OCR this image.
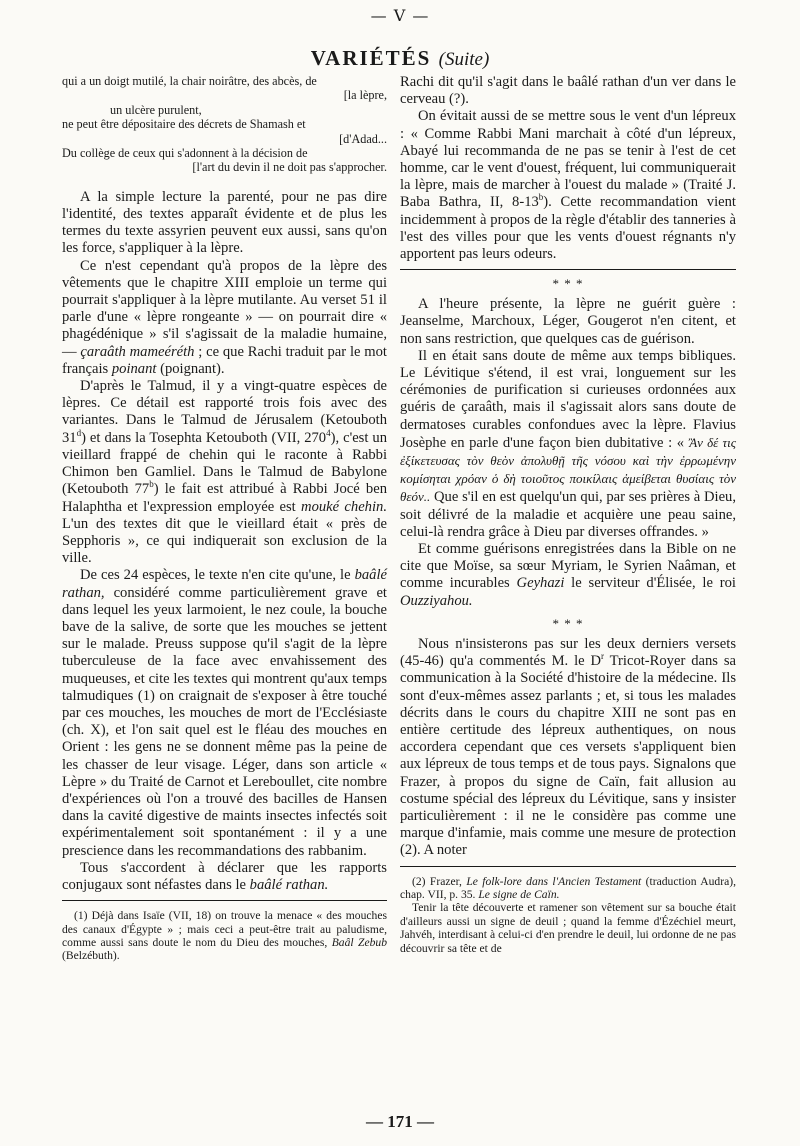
— V —
VARIÉTÉS (Suite)
qui a un doigt mutilé, la chair noirâtre, des abcès, de
[la lèpre,
un ulcère purulent,
ne peut être dépositaire des décrets de Shamash et
[d'Adad...
Du collège de ceux qui s'adonnent à la décision de
[l'art du devin il ne doit pas s'approcher.

A la simple lecture la parenté, pour ne pas dire l'identité, des textes apparaît évidente et de plus les termes du texte assyrien peuvent eux aussi, sans qu'on les force, s'appliquer à la lèpre.

Ce n'est cependant qu'à propos de la lèpre des vêtements que le chapitre XIII emploie un terme qui pourrait s'appliquer à la lèpre mutilante. Au verset 51 il parle d'une « lèpre rongeante » — on pourrait dire « phagédénique » s'il s'agissait de la maladie humaine, — çaraâth mameéréth ; ce que Rachi traduit par le mot français poinant (poignant).

D'après le Talmud, il y a vingt-quatre espèces de lèpres. Ce détail est rapporté trois fois avec des variantes. Dans le Talmud de Jérusalem (Ketouboth 31$^d$) et dans la Tosephta Ketouboth (VII, $270^4$), c'est un vieillard frappé de chehin qui le raconte à Rabbi Chimon ben Gamliel. Dans le Talmud de Babylone (Ketouboth 77$^b$) le fait est attribué à Rabbi Jocé ben Halaphtha et l'expression employée est mouké chehin. L'un des textes dit que le vieillard était « près de Sepphoris », ce qui indiquerait son exclusion de la ville.

De ces 24 espèces, le texte n'en cite qu'une, le baâlé rathan, considéré comme particulièrement grave et dans lequel les yeux larmoient, le nez coule, la bouche bave de la salive, de sorte que les mouches se jettent sur le malade. Preuss suppose qu'il s'agit de la lèpre tuberculeuse de la face avec envahissement des muqueuses, et cite les textes qui montrent qu'aux temps talmudiques (1) on craignait de s'exposer à être touché par ces mouches, les mouches de mort de l'Ecclésiaste (ch. X), et l'on sait quel est le fléau des mouches en Orient : les gens ne se donnent même pas la peine de les chasser de leur visage. Léger, dans son article « Lèpre » du Traité de Carnot et Lereboullet, cite nombre d'expériences où l'on a trouvé des bacilles de Hansen dans la cavité digestive de maints insectes infectés soit expérimentalement soit spontanément : il y a une prescience dans les recommandations des rabbanim.

Tous s'accordent à déclarer que les rapports conjugaux sont néfastes dans le baâlé rathan.

(1) Déjà dans Isaïe (VII, 18) on trouve la menace « des mouches des canaux d'Égypte » ; mais ceci a peut-être trait au paludisme, comme aussi sans doute le nom du Dieu des mouches, Baâl Zebub (Belzébuth).

Rachi dit qu'il s'agit dans le baâlé rathan d'un ver dans le cerveau (?).

On évitait aussi de se mettre sous le vent d'un lépreux : « Comme Rabbi Mani marchait à côté d'un lépreux, Abayé lui recommanda de ne pas se tenir à l'est de cet homme, car le vent d'ouest, fréquent, lui communiquerait la lèpre, mais de marcher à l'ouest du malade » (Traité J. Baba Bathra, II, 8-13$^b$). Cette recommandation vient incidemment à propos de la règle d'établir des tanneries à l'est des villes pour que les vents d'ouest régnants n'y apportent pas leurs odeurs.

* * *

A l'heure présente, la lèpre ne guérit guère : Jeanselme, Marchoux, Léger, Gougerot n'en citent, et non sans restriction, que quelques cas de guérison.

Il en était sans doute de même aux temps bibliques. Le Lévitique s'étend, il est vrai, longuement sur les cérémonies de purification si curieuses ordonnées aux guéris de çaraâth, mais il s'agissait alors sans doute de dermatoses curables confondues avec la lèpre. Flavius Josèphe en parle d'une façon bien dubitative : « Ἂν δέ τις ἐξίκετευσας τὸν θεὸν ἀπολυθῇ τῆς νόσου καὶ τὴν ἐρρωμένην κομίσηται χρόαν ὁ δὴ τοιοῦτος ποικίλαις ἀμείβεται θυσίαις τὸν θεόν.. Que s'il en est quelqu'un qui, par ses prières à Dieu, soit délivré de la maladie et acquière une peau saine, celui-là rendra grâce à Dieu par diverses offrandes. »

Et comme guérisons enregistrées dans la Bible on ne cite que Moïse, sa sœur Myriam, le Syrien Naâman, et comme incurables Geyhazi le serviteur d'Élisée, le roi Ouzziyahou.

* * *

Nous n'insisterons pas sur les deux derniers versets (45-46) qu'a commentés M. le $D^r$ Tricot-Royer dans sa communication à la Société d'histoire de la médecine. Ils sont d'eux-mêmes assez parlants ; et, si tous les malades décrits dans le cours du chapitre XIII ne sont pas en entière certitude des lépreux authentiques, on nous accordera cependant que ces versets s'appliquent bien aux lépreux de tous temps et de tous pays. Signalons que Frazer, à propos du signe de Caïn, fait allusion au costume spécial des lépreux du Lévitique, sans y insister particulièrement : il ne le considère pas comme une marque d'infamie, mais comme une mesure de protection (2). A noter

(2) Frazer, Le folk-lore dans l'Ancien Testament (traduction Audra), chap. VII, p. 35. Le signe de Caïn.

Tenir la tête découverte et ramener son vêtement sur sa bouche était d'ailleurs aussi un signe de deuil ; quand la femme d'Ézéchiel meurt, Jahvéh, interdisant à celui-ci d'en prendre le deuil, lui ordonne de ne pas découvrir sa tête et de

— 171 —
